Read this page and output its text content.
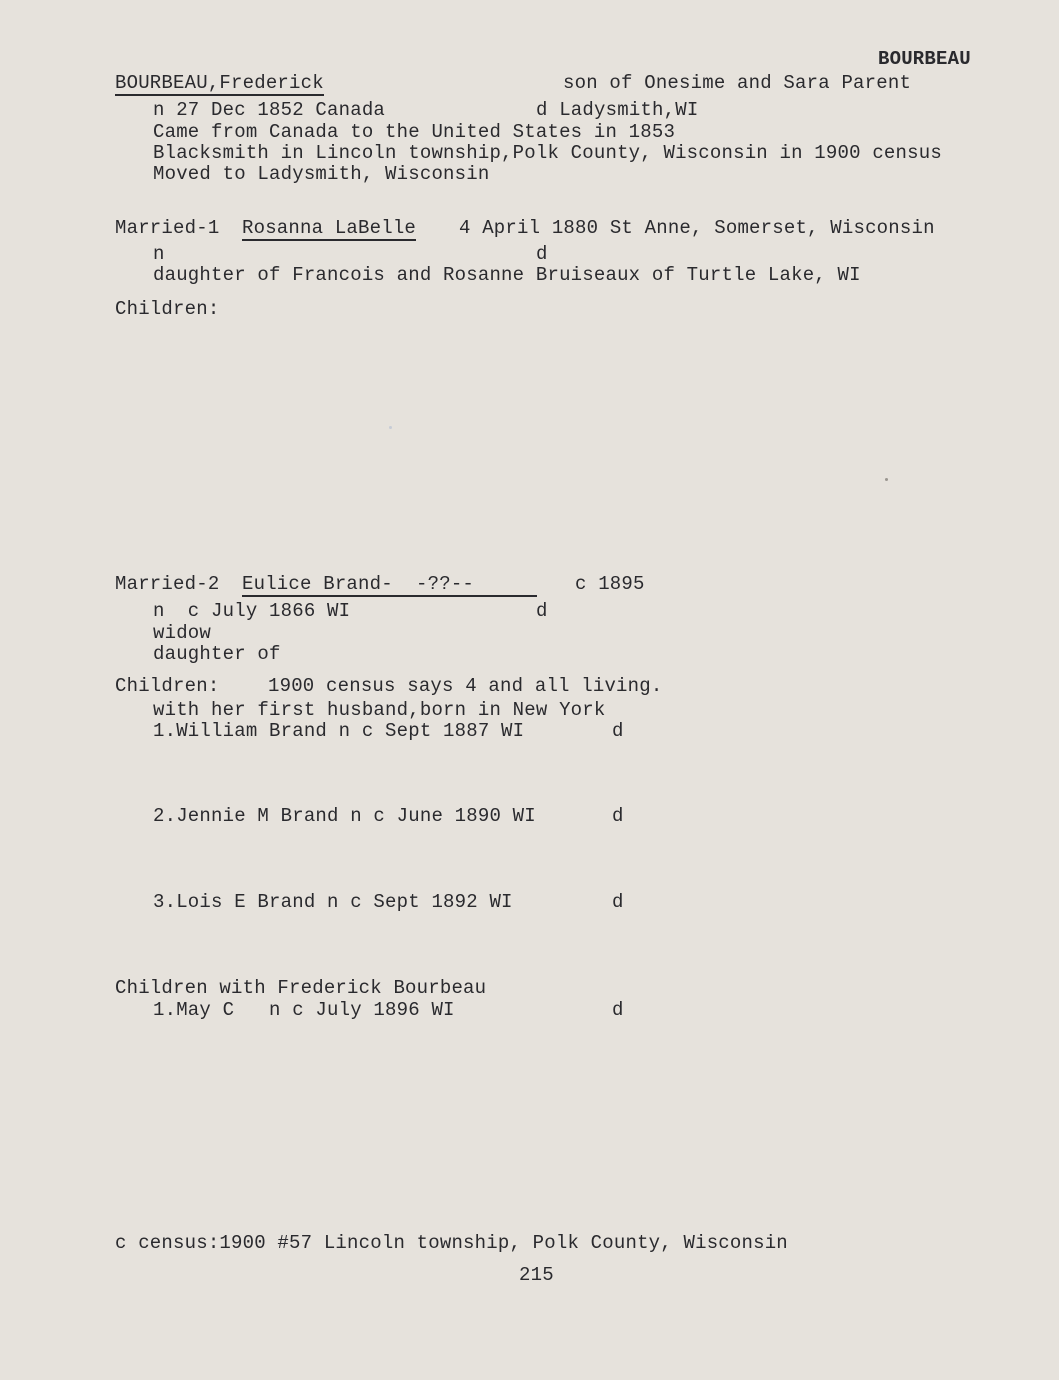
BOURBEAU
BOURBEAU,Frederick	son of Onesime and Sara Parent
n 27 Dec 1852 Canada	d Ladysmith,WI
Came from Canada to the United States in 1853
Blacksmith in Lincoln township,Polk County, Wisconsin in 1900 census
Moved to Ladysmith, Wisconsin
Married-1 Rosanna LaBelle 4 April 1880 St Anne, Somerset, Wisconsin
n	d
daughter of Francois and Rosanne Bruiseaux of Turtle Lake, WI
Children:
Married-2 Eulice Brand-  -??--	c 1895
n  c July 1866 WI	d
widow
daughter of
Children:	1900 census says 4 and all living.
with her first husband,born in New York
1.William Brand n c Sept 1887 WI	d
2.Jennie M Brand n c June 1890 WI	d
3.Lois E Brand n c Sept 1892 WI	d
Children with Frederick Bourbeau
1.May C   n c July 1896 WI	d
c census:1900 #57 Lincoln township, Polk County, Wisconsin
215
